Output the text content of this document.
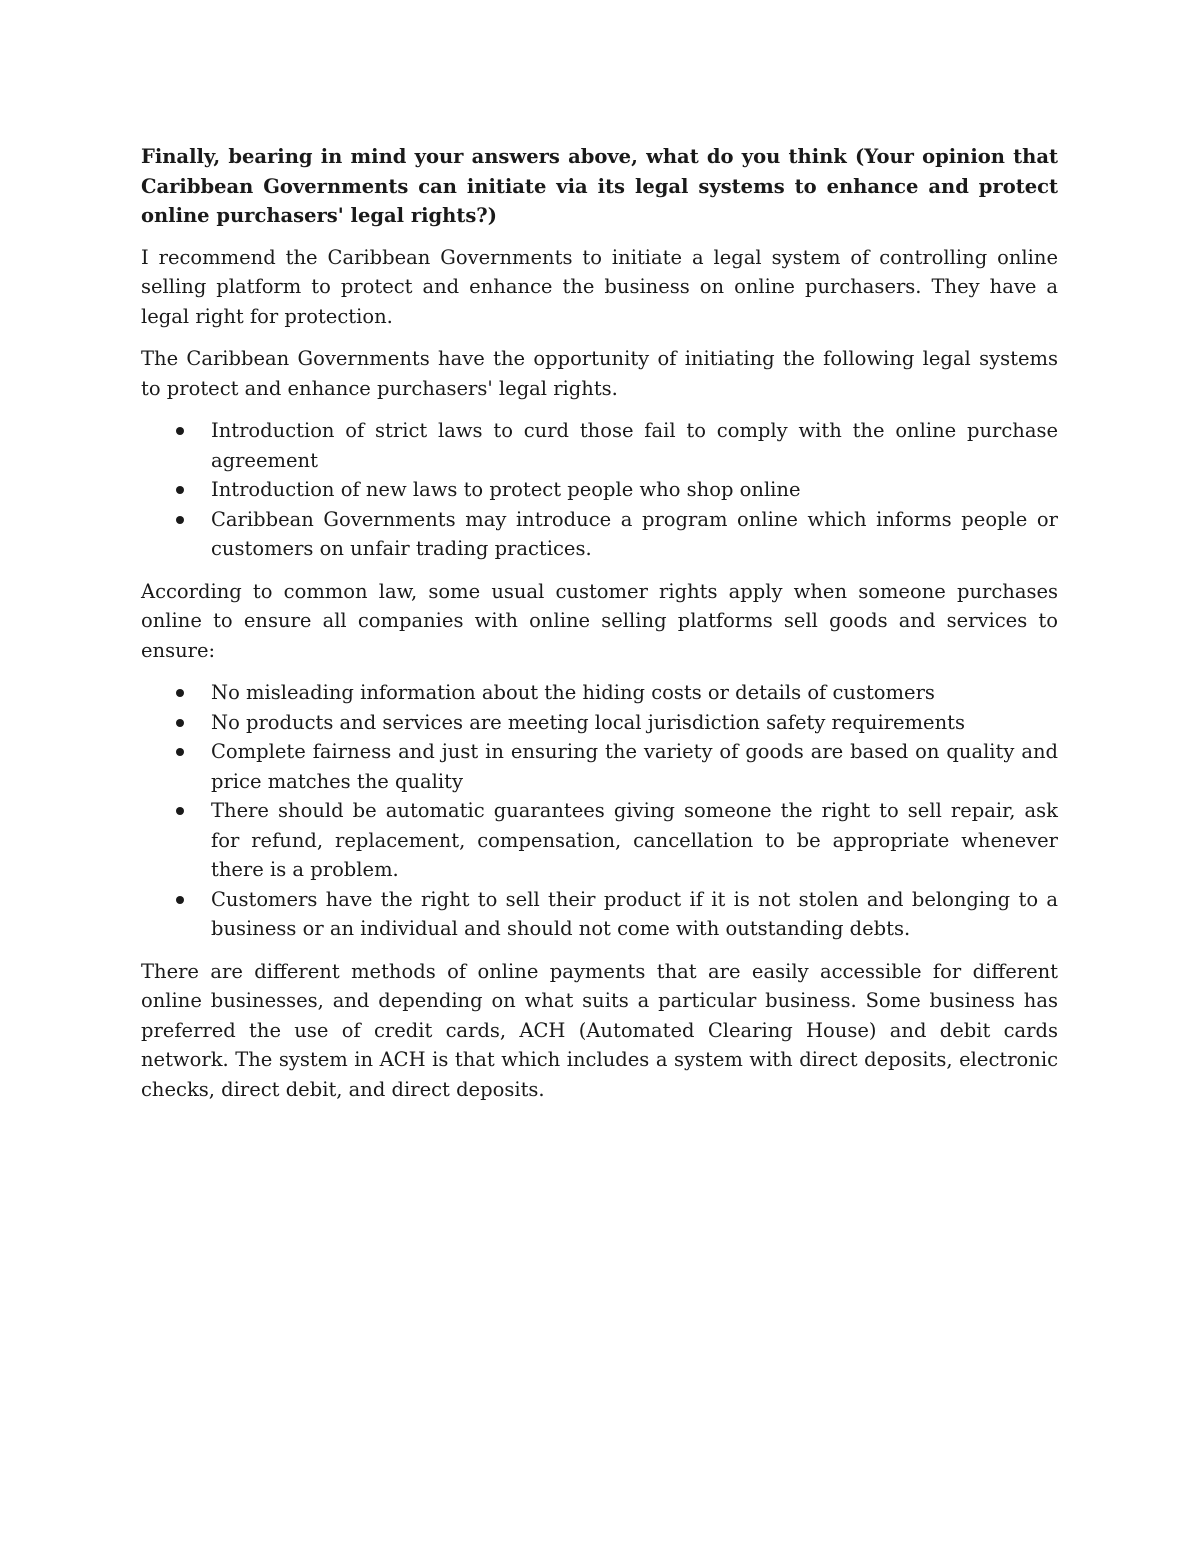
Finally, bearing in mind your answers above, what do you think (Your opinion that Caribbean Governments can initiate via its legal systems to enhance and protect online purchasers' legal rights?)

I recommend the Caribbean Governments to initiate a legal system of controlling online selling platform to protect and enhance the business on online purchasers. They have a legal right for protection.

The Caribbean Governments have the opportunity of initiating the following legal systems to protect and enhance purchasers' legal rights.

Introduction of strict laws to curd those fail to comply with the online purchase agreement
Introduction of new laws to protect people who shop online
Caribbean Governments may introduce a program online which informs people or customers on unfair trading practices.

According to common law, some usual customer rights apply when someone purchases online to ensure all companies with online selling platforms sell goods and services to ensure:

No misleading information about the hiding costs or details of customers
No products and services are meeting local jurisdiction safety requirements
Complete fairness and just in ensuring the variety of goods are based on quality and price matches the quality
There should be automatic guarantees giving someone the right to sell repair, ask for refund, replacement, compensation, cancellation to be appropriate whenever there is a problem.
Customers have the right to sell their product if it is not stolen and belonging to a business or an individual and should not come with outstanding debts.

There are different methods of online payments that are easily accessible for different online businesses, and depending on what suits a particular business. Some business has preferred the use of credit cards, ACH (Automated Clearing House) and debit cards network. The system in ACH is that which includes a system with direct deposits, electronic checks, direct debit, and direct deposits.
